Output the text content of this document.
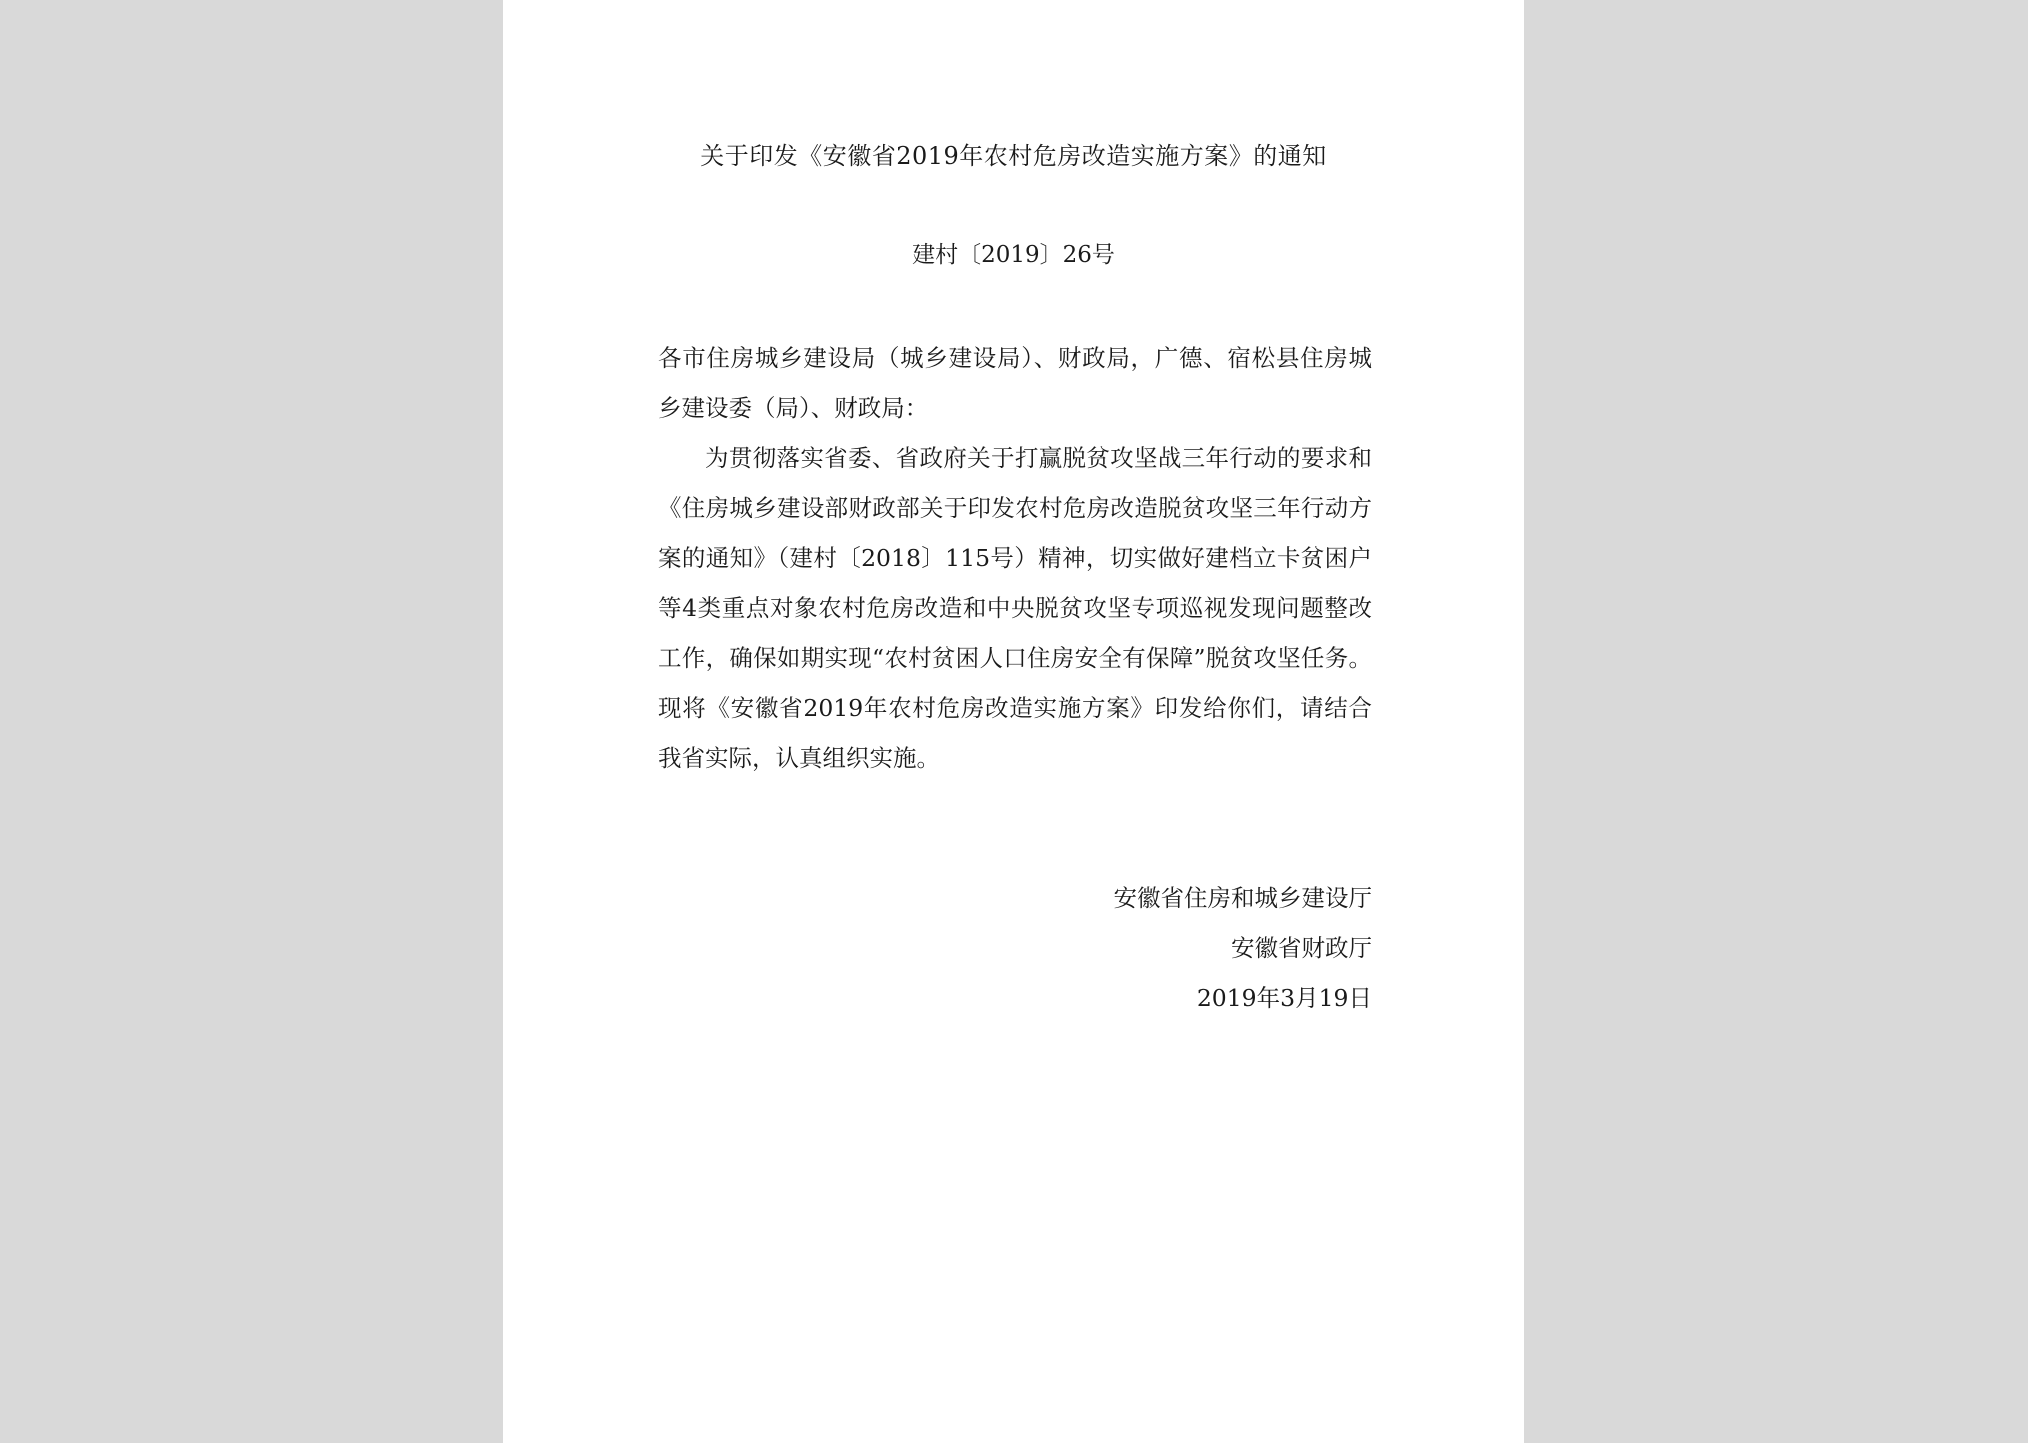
关于印发《安徽省2019年农村危房改造实施方案》的通知
建村〔2019〕26号

各市住房城乡建设局（城乡建设局）、财政局，广德、宿松县住房城乡建设委（局）、财政局：

为贯彻落实省委、省政府关于打赢脱贫攻坚战三年行动的要求和《住房城乡建设部财政部关于印发农村危房改造脱贫攻坚三年行动方案的通知》（建村〔2018〕115号）精神，切实做好建档立卡贫困户等4类重点对象农村危房改造和中央脱贫攻坚专项巡视发现问题整改工作，确保如期实现“农村贫困人口住房安全有保障”脱贫攻坚任务。现将《安徽省2019年农村危房改造实施方案》印发给你们，请结合我省实际，认真组织实施。

安徽省住房和城乡建设厅
安徽省财政厅
2019年3月19日
